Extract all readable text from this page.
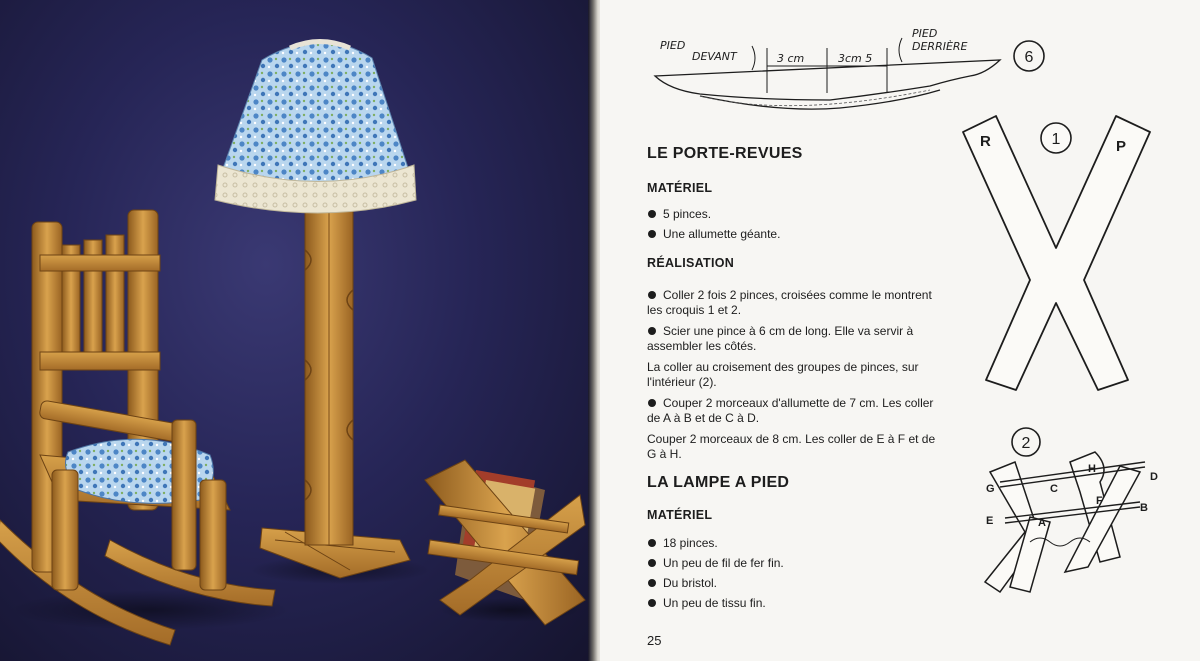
PIED
DEVANT
PIED
DERRIÈRE
3 cm	3cm 5	6
R	P
1
2
H
D
G	C
F
B
E	A
LE PORTE-REVUES
MATÉRIEL
5 pinces.
Une allumette géante.
RÉALISATION

Coller 2 fois 2 pinces, croisées comme le montrent les croquis 1 et 2.

Scier une pince à 6 cm de long. Elle va servir à assembler les côtés.

La coller au croisement des groupes de pinces, sur l'intérieur (2).

Couper 2 morceaux d'allumette de 7 cm. Les coller de A à B et de C à D.

Couper 2 morceaux de 8 cm. Les coller de E à F et de G à H.

LA LAMPE A PIED
MATÉRIEL
18 pinces.
Un peu de fil de fer fin.
Du bristol.
Un peu de tissu fin.
25
